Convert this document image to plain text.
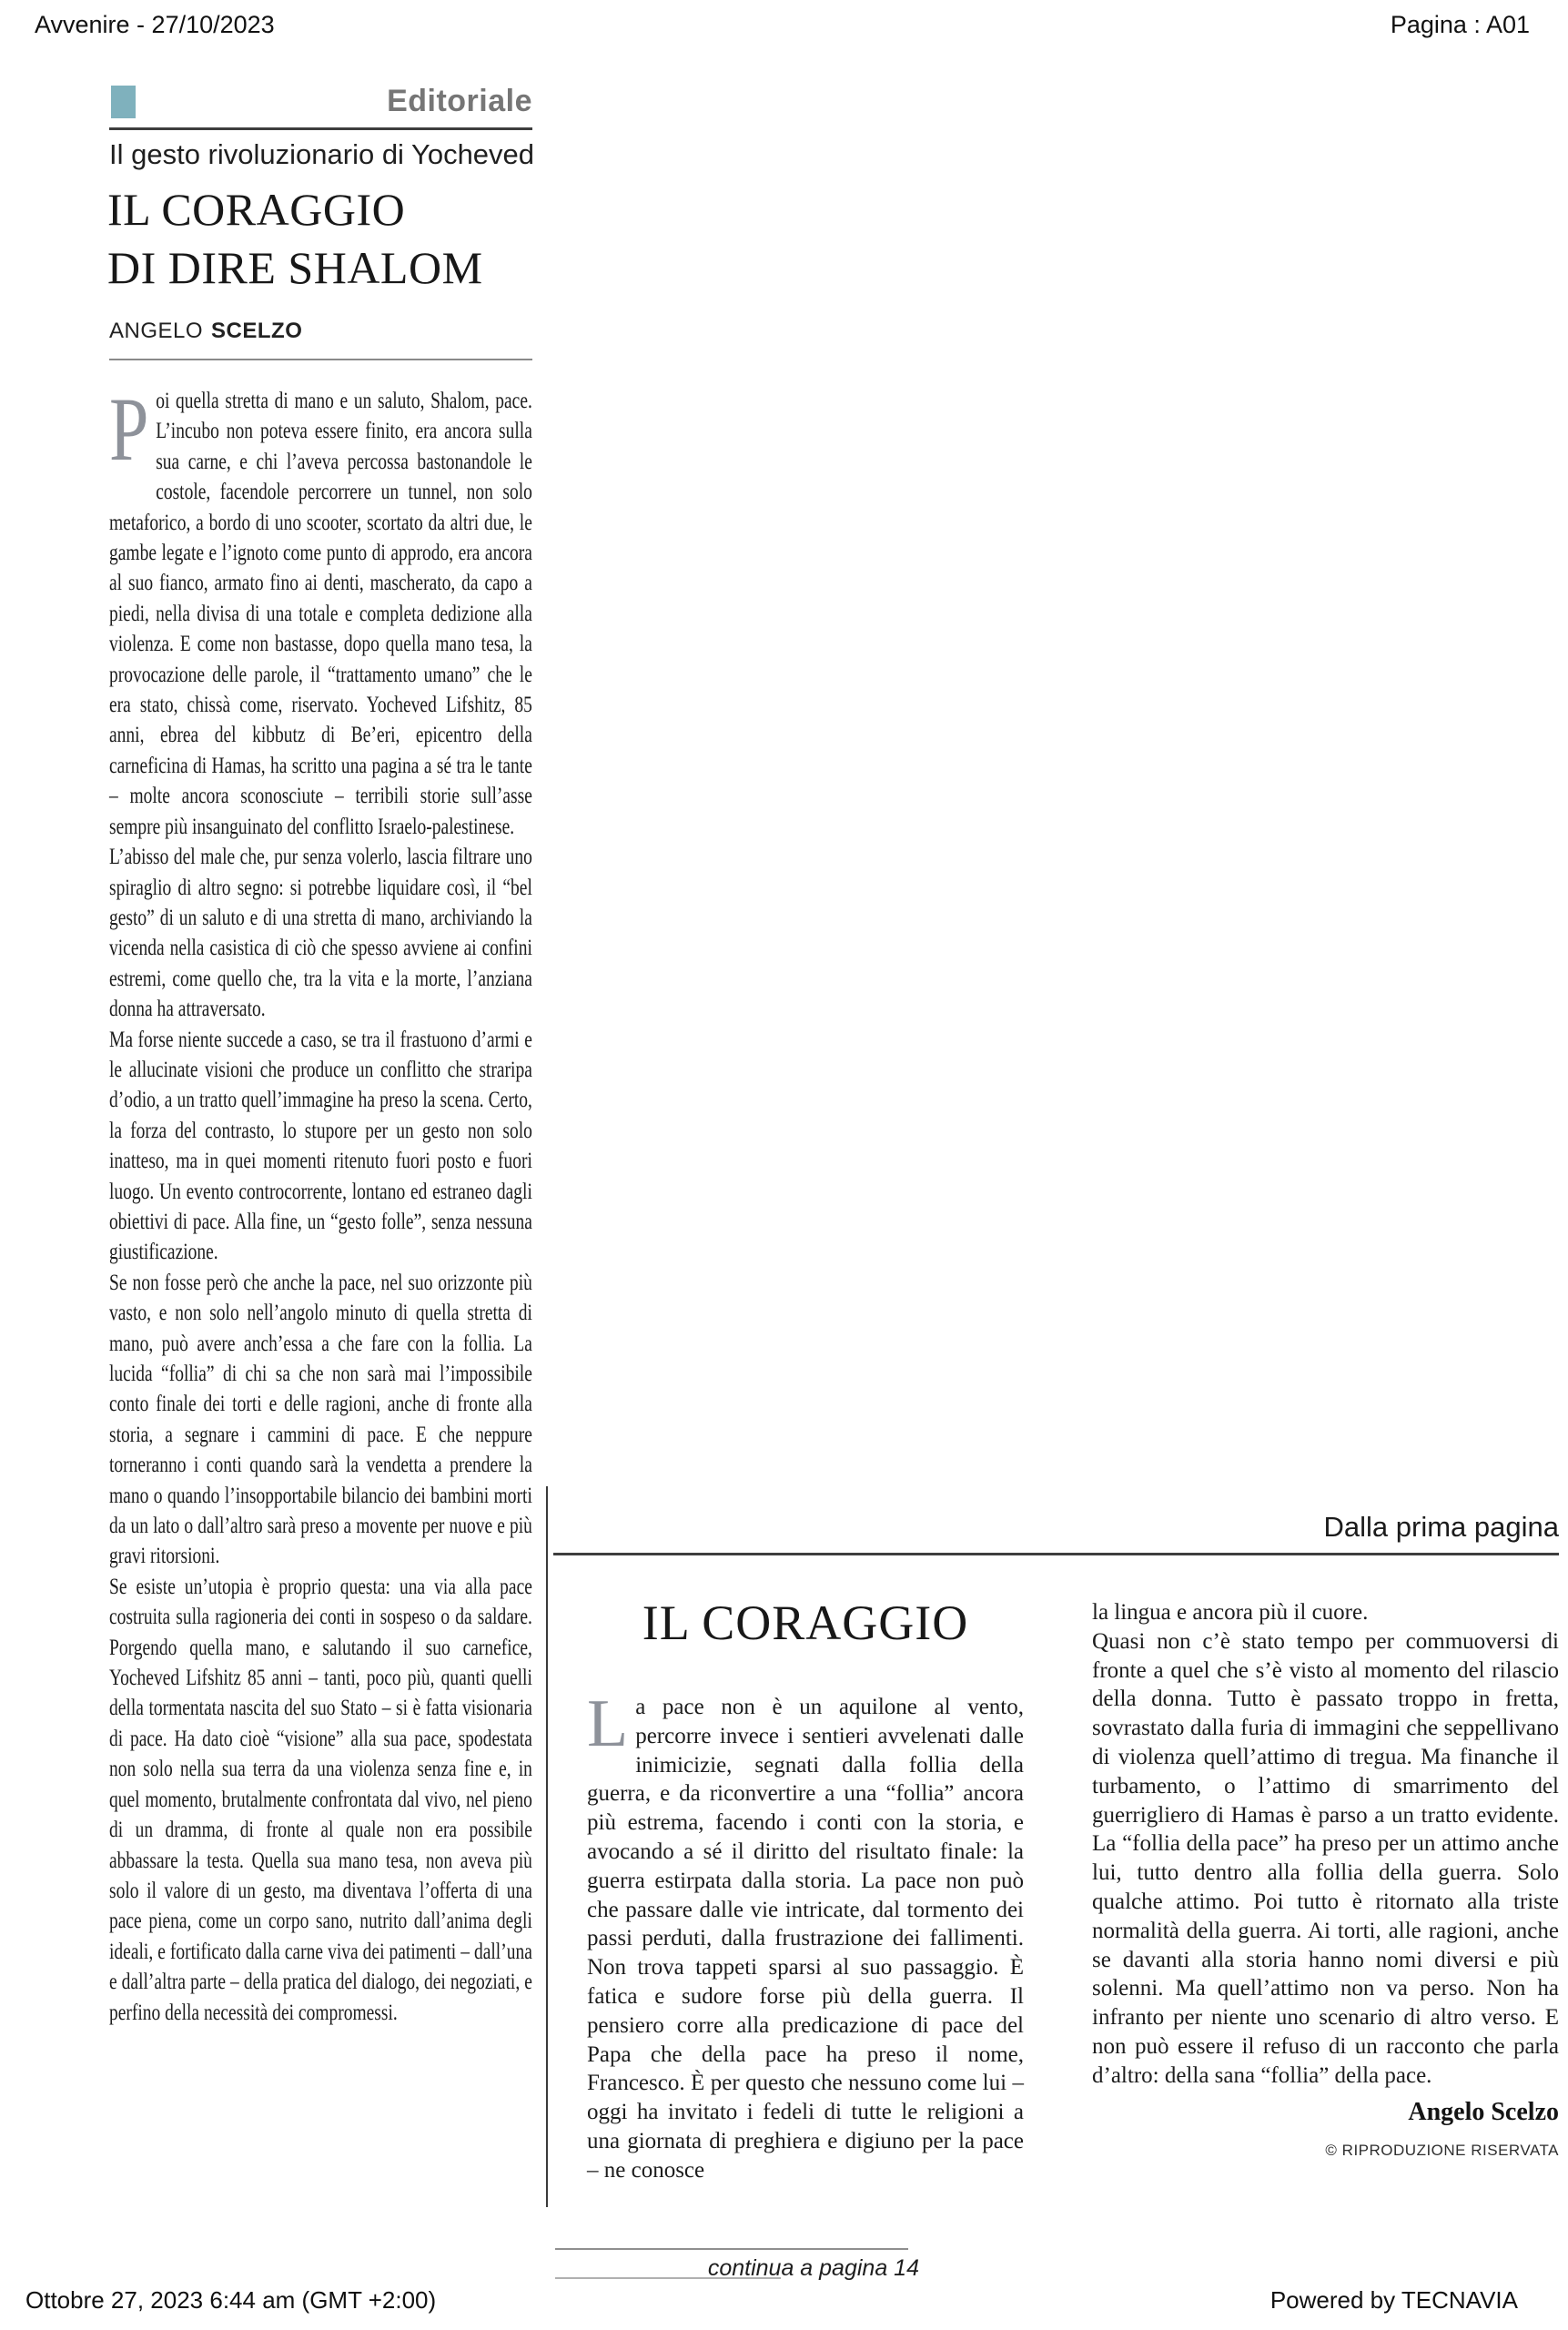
Avvenire - 27/10/2023	Pagina : A01
Editoriale
Il gesto rivoluzionario di Yocheved
IL CORAGGIO
DI DIRE SHALOM
ANGELO SCELZO

Poi quella stretta di mano e un saluto, Shalom, pace. L’incubo non poteva essere finito, era ancora sulla sua carne, e chi l’aveva percossa bastonandole le costole, facendole percorrere un tunnel, non solo metaforico, a bordo di uno scooter, scortato da altri due, le gambe legate e l’ignoto come punto di approdo, era ancora al suo fianco, armato fino ai denti, mascherato, da capo a piedi, nella divisa di una totale e completa dedizione alla violenza. E come non bastasse, dopo quella mano tesa, la provocazione delle parole, il “trattamento umano” che le era stato, chissà come, riservato. Yocheved Lifshitz, 85 anni, ebrea del kibbutz di Be’eri, epicentro della carneficina di Hamas, ha scritto una pagina a sé tra le tante – molte ancora sconosciute – terribili storie sull’asse sempre più insanguinato del conflitto Israelo-palestinese.

L’abisso del male che, pur senza volerlo, lascia filtrare uno spiraglio di altro segno: si potrebbe liquidare così, il “bel gesto” di un saluto e di una stretta di mano, archiviando la vicenda nella casistica di ciò che spesso avviene ai confini estremi, come quello che, tra la vita e la morte, l’anziana donna ha attraversato.

Ma forse niente succede a caso, se tra il frastuono d’armi e le allucinate visioni che produce un conflitto che straripa d’odio, a un tratto quell’immagine ha preso la scena. Certo, la forza del contrasto, lo stupore per un gesto non solo inatteso, ma in quei momenti ritenuto fuori posto e fuori luogo. Un evento controcorrente, lontano ed estraneo dagli obiettivi di pace. Alla fine, un “gesto folle”, senza nessuna giustificazione.

Se non fosse però che anche la pace, nel suo orizzonte più vasto, e non solo nell’angolo minuto di quella stretta di mano, può avere anch’essa a che fare con la follia. La lucida “follia” di chi sa che non sarà mai l’impossibile conto finale dei torti e delle ragioni, anche di fronte alla storia, a segnare i cammini di pace. E che neppure torneranno i conti quando sarà la vendetta a prendere la mano o quando l’insopportabile bilancio dei bambini morti da un lato o dall’altro sarà preso a movente per nuove e più gravi ritorsioni.

Se esiste un’utopia è proprio questa: una via alla pace costruita sulla ragioneria dei conti in sospeso o da saldare. Porgendo quella mano, e salutando il suo carnefice, Yocheved Lifshitz 85 anni – tanti, poco più, quanti quelli della tormentata nascita del suo Stato – si è fatta visionaria di pace. Ha dato cioè “visione” alla sua pace, spodestata non solo nella sua terra da una violenza senza fine e, in quel momento, brutalmente confrontata dal vivo, nel pieno di un dramma, di fronte al quale non era possibile abbassare la testa. Quella sua mano tesa, non aveva più solo il valore di un gesto, ma diventava l’offerta di una pace piena, come un corpo sano, nutrito dall’anima degli ideali, e fortificato dalla carne viva dei patimenti – dall’una e dall’altra parte – della pratica del dialogo, dei negoziati, e perfino della necessità dei compromessi.

Dalla prima pagina
IL CORAGGIO

La pace non è un aquilone al vento, percorre invece i sentieri avvelenati dalle inimicizie, segnati dalla follia della guerra, e da riconvertire a una “follia” ancora più estrema, facendo i conti con la storia, e avocando a sé il diritto del risultato finale: la guerra estirpata dalla storia. La pace non può che passare dalle vie intricate, dal tormento dei passi perduti, dalla frustrazione dei fallimenti. Non trova tappeti sparsi al suo passaggio. È fatica e sudore forse più della guerra. Il pensiero corre alla predicazione di pace del Papa che della pace ha preso il nome, Francesco. È per questo che nessuno come lui – oggi ha invitato i fedeli di tutte le religioni a una giornata di preghiera e digiuno per la pace – ne conosce

la lingua e ancora più il cuore.

Quasi non c’è stato tempo per commuoversi di fronte a quel che s’è visto al momento del rilascio della donna. Tutto è passato troppo in fretta, sovrastato dalla furia di immagini che seppellivano di violenza quell’attimo di tregua. Ma finanche il turbamento, o l’attimo di smarrimento del guerrigliero di Hamas è parso a un tratto evidente. La “follia della pace” ha preso per un attimo anche lui, tutto dentro alla follia della guerra. Solo qualche attimo. Poi tutto è ritornato alla triste normalità della guerra. Ai torti, alle ragioni, anche se davanti alla storia hanno nomi diversi e più solenni. Ma quell’attimo non va perso. Non ha infranto per niente uno scenario di altro verso. E non può essere il refuso di un racconto che parla d’altro: della sana “follia” della pace.

Angelo Scelzo
© RIPRODUZIONE RISERVATA
continua a pagina 14
Ottobre 27, 2023 6:44 am (GMT +2:00)	Powered by TECNAVIA
